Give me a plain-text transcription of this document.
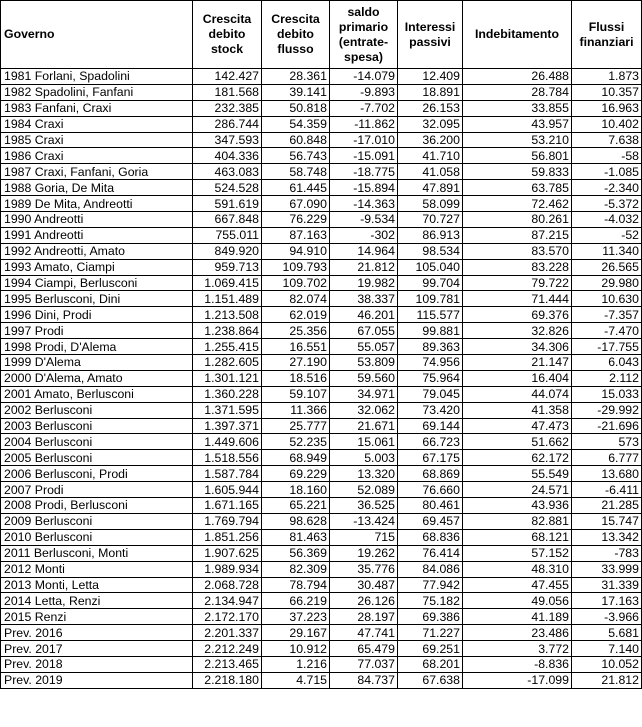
Governo	Crescita debito stock	Crescita debito flusso	saldo primario (entrate-spesa)	Interessi passivi	Indebitamento	Flussi finanziari
1981 Forlani, Spadolini	142.427	28.361	-14.079	12.409	26.488	1.873
1982 Spadolini, Fanfani	181.568	39.141	-9.893	18.891	28.784	10.357
1983 Fanfani, Craxi	232.385	50.818	-7.702	26.153	33.855	16.963
1984 Craxi	286.744	54.359	-11.862	32.095	43.957	10.402
1985 Craxi	347.593	60.848	-17.010	36.200	53.210	7.638
1986 Craxi	404.336	56.743	-15.091	41.710	56.801	-58
1987 Craxi, Fanfani, Goria	463.083	58.748	-18.775	41.058	59.833	-1.085
1988 Goria, De Mita	524.528	61.445	-15.894	47.891	63.785	-2.340
1989 De Mita, Andreotti	591.619	67.090	-14.363	58.099	72.462	-5.372
1990 Andreotti	667.848	76.229	-9.534	70.727	80.261	-4.032
1991 Andreotti	755.011	87.163	-302	86.913	87.215	-52
1992 Andreotti, Amato	849.920	94.910	14.964	98.534	83.570	11.340
1993 Amato, Ciampi	959.713	109.793	21.812	105.040	83.228	26.565
1994 Ciampi, Berlusconi	1.069.415	109.702	19.982	99.704	79.722	29.980
1995 Berlusconi, Dini	1.151.489	82.074	38.337	109.781	71.444	10.630
1996 Dini, Prodi	1.213.508	62.019	46.201	115.577	69.376	-7.357
1997 Prodi	1.238.864	25.356	67.055	99.881	32.826	-7.470
1998 Prodi, D'Alema	1.255.415	16.551	55.057	89.363	34.306	-17.755
1999 D'Alema	1.282.605	27.190	53.809	74.956	21.147	6.043
2000 D'Alema, Amato	1.301.121	18.516	59.560	75.964	16.404	2.112
2001 Amato, Berlusconi	1.360.228	59.107	34.971	79.045	44.074	15.033
2002 Berlusconi	1.371.595	11.366	32.062	73.420	41.358	-29.992
2003 Berlusconi	1.397.371	25.777	21.671	69.144	47.473	-21.696
2004 Berlusconi	1.449.606	52.235	15.061	66.723	51.662	573
2005 Berlusconi	1.518.556	68.949	5.003	67.175	62.172	6.777
2006 Berlusconi, Prodi	1.587.784	69.229	13.320	68.869	55.549	13.680
2007 Prodi	1.605.944	18.160	52.089	76.660	24.571	-6.411
2008 Prodi, Berlusconi	1.671.165	65.221	36.525	80.461	43.936	21.285
2009 Berlusconi	1.769.794	98.628	-13.424	69.457	82.881	15.747
2010 Berlusconi	1.851.256	81.463	715	68.836	68.121	13.342
2011 Berlusconi, Monti	1.907.625	56.369	19.262	76.414	57.152	-783
2012 Monti	1.989.934	82.309	35.776	84.086	48.310	33.999
2013 Monti, Letta	2.068.728	78.794	30.487	77.942	47.455	31.339
2014 Letta, Renzi	2.134.947	66.219	26.126	75.182	49.056	17.163
2015 Renzi	2.172.170	37.223	28.197	69.386	41.189	-3.966
Prev. 2016	2.201.337	29.167	47.741	71.227	23.486	5.681
Prev. 2017	2.212.249	10.912	65.479	69.251	3.772	7.140
Prev. 2018	2.213.465	1.216	77.037	68.201	-8.836	10.052
Prev. 2019	2.218.180	4.715	84.737	67.638	-17.099	21.812
